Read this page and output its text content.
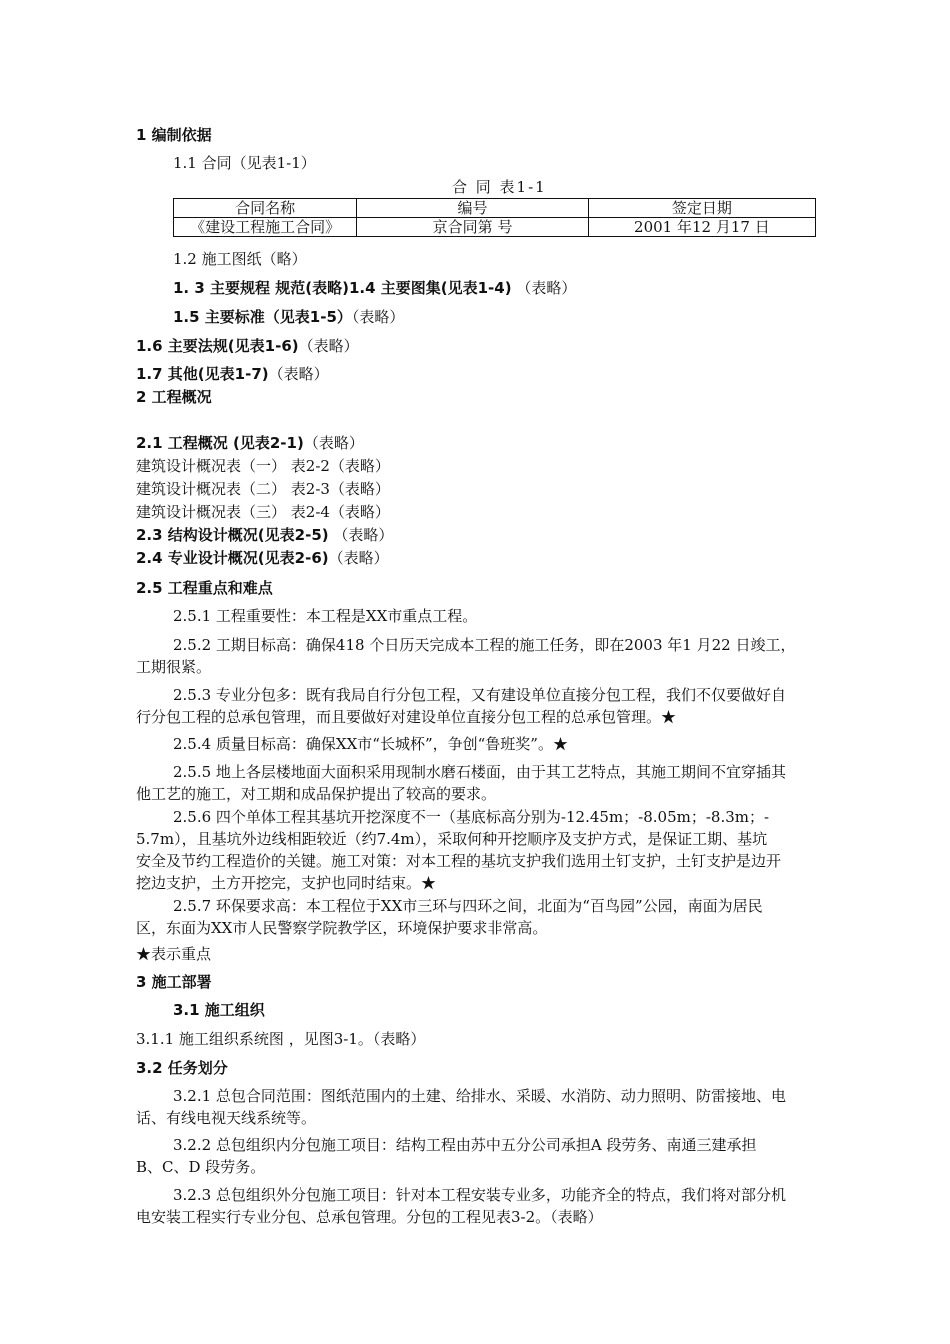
1 编制依据
1.1 合同（见表1-1）
合 同 表1-1
合同名称	编号	签定日期
《建设工程施工合同》	京合同第 号	2001 年12 月17 日
1.2 施工图纸（略）
1. 3 主要规程 规范(表略)1.4 主要图集(见表1-4) （表略）
1.5 主要标准（见表1-5）（表略）
1.6 主要法规(见表1-6)（表略）
1.7 其他(见表1-7)（表略）
2 工程概况
2.1 工程概况 (见表2-1)（表略）
建筑设计概况表（一） 表2-2（表略）
建筑设计概况表（二） 表2-3（表略）
建筑设计概况表（三） 表2-4（表略）
2.3 结构设计概况(见表2-5) （表略）
2.4 专业设计概况(见表2-6)（表略）
2.5 工程重点和难点
2.5.1 工程重要性：本工程是XX市重点工程。
2.5.2 工期目标高：确保418 个日历天完成本工程的施工任务，即在2003 年1 月22 日竣工，
工期很紧。
2.5.3 专业分包多：既有我局自行分包工程，又有建设单位直接分包工程，我们不仅要做好自
行分包工程的总承包管理，而且要做好对建设单位直接分包工程的总承包管理。★
2.5.4 质量目标高：确保XX市“长城杯”，争创“鲁班奖”。★
2.5.5 地上各层楼地面大面积采用现制水磨石楼面，由于其工艺特点，其施工期间不宜穿插其
他工艺的施工，对工期和成品保护提出了较高的要求。
2.5.6 四个单体工程其基坑开挖深度不一（基底标高分别为-12.45m；-8.05m；-8.3m；-
5.7m），且基坑外边线相距较近（约7.4m），采取何种开挖顺序及支护方式，是保证工期、基坑
安全及节约工程造价的关键。施工对策：对本工程的基坑支护我们选用土钉支护，土钉支护是边开
挖边支护，土方开挖完，支护也同时结束。★
2.5.7 环保要求高：本工程位于XX市三环与四环之间，北面为“百鸟园”公园，南面为居民
区，东面为XX市人民警察学院教学区，环境保护要求非常高。
★表示重点
3 施工部署
3.1 施工组织
3.1.1 施工组织系统图 ，见图3-1。（表略）
3.2 任务划分
3.2.1 总包合同范围：图纸范围内的土建、给排水、采暖、水消防、动力照明、防雷接地、电
话、有线电视天线系统等。
3.2.2 总包组织内分包施工项目：结构工程由苏中五分公司承担A 段劳务、南通三建承担
B、C、D 段劳务。
3.2.3 总包组织外分包施工项目：针对本工程安装专业多，功能齐全的特点，我们将对部分机
电安装工程实行专业分包、总承包管理。分包的工程见表3-2。（表略）
